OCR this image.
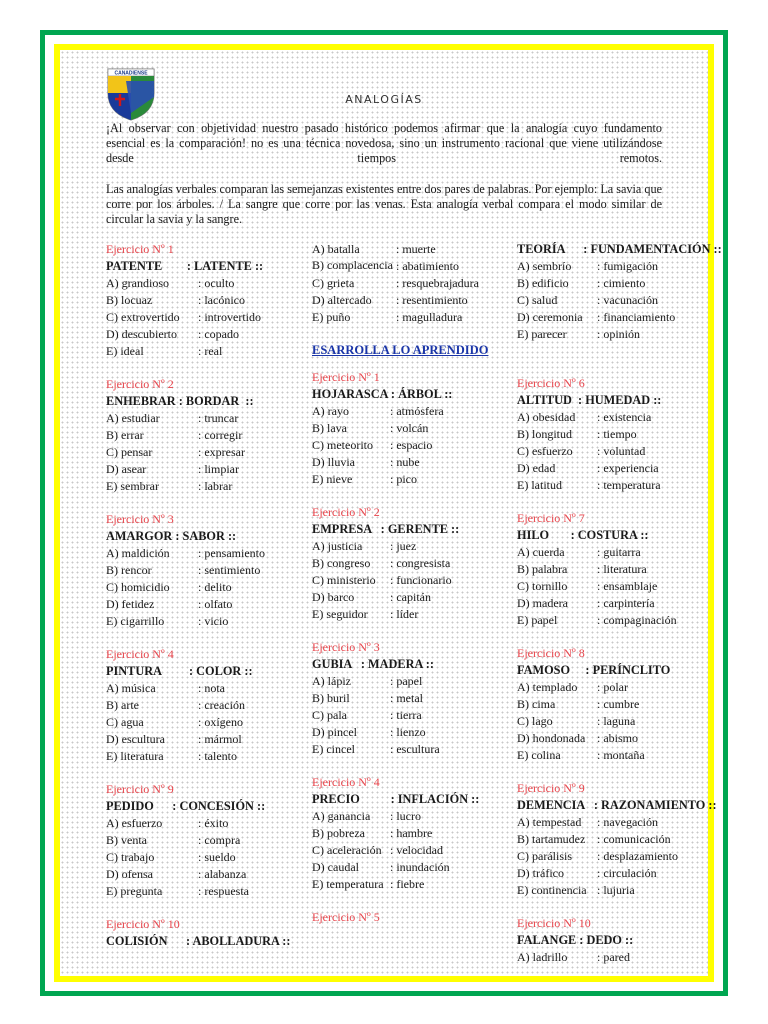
CANADIENSE
ANALOGÍAS
¡Al observar con objetividad nuestro pasado histórico podemos afirmar que la analogía cuyo fundamento
esencial es la comparación! no es una técnica novedosa, sino un instrumento racional que viene utilizándose
desde	tiempos	remotos.
Las analogías verbales comparan las semejanzas existentes entre dos pares de palabras. Por ejemplo: La savia que corre por los árboles. / La sangre que corre por las venas. Esta analogía verbal compara el modo similar de circular la savia y la sangre.
Ejercicio Nº 1
PATENTE        : LATENTE ::
A) grandioso	: oculto
B) locuaz	: lacónico
C) extrovertido	: introvertido
D) descubierto	: copado
E) ideal	: real
Ejercicio Nº 2
ENHEBRAR : BORDAR  ::
A) estudiar	: truncar
B) errar	: corregir
C) pensar	: expresar
D) asear	: limpiar
E) sembrar	: labrar
Ejercicio Nº 3
AMARGOR : SABOR ::
A) maldición	: pensamiento
B) rencor	: sentimiento
C) homicidio	: delito
D) fetidez	: olfato
E) cigarrillo	: vicio
Ejercicio Nº 4
PINTURA         : COLOR ::
A) música	: nota
B) arte	: creación
C) agua	: oxígeno
D) escultura	: mármol
E) literatura	: talento
Ejercicio Nº 9
PEDIDO      : CONCESIÓN ::
A) esfuerzo	: éxito
B) venta	: compra
C) trabajo	: sueldo
D) ofensa	: alabanza
E) pregunta	: respuesta
Ejercicio Nº 10
COLISIÓN      : ABOLLADURA ::
A) batalla	: muerte
B) complacencia : abatimiento
C) grieta	: resquebrajadura
D) altercado	: resentimiento
E) puño	: magulladura
ESARROLLA LO APRENDIDO
Ejercicio Nº 1
HOJARASCA : ÁRBOL ::
A) rayo	: atmósfera
B) lava	: volcán
C) meteorito	: espacio
D) lluvia	: nube
E) nieve	: pico
Ejercicio Nº 2
EMPRESA   : GERENTE ::
A) justicia	: juez
B) congreso	: congresista
C) ministerio	: funcionario
D) barco	: capitán
E) seguidor	: líder
Ejercicio Nº 3
GUBIA   : MADERA ::
A) lápiz	: papel
B) buril	: metal
C) pala	: tierra
D) pincel	: lienzo
E) cincel	: escultura
Ejercicio Nº 4
PRECIO          : INFLACIÓN ::
A) ganancia	: lucro
B) pobreza	: hambre
C) aceleración : velocidad
D) caudal	: inundación
E) temperatura : fiebre
Ejercicio Nº 5
TEORÍA      : FUNDAMENTACIÓN ::
A) sembrío	: fumigación
B) edificio	: cimiento
C) salud	: vacunación
D) ceremonia	: financiamiento
E) parecer	: opinión
Ejercicio Nº 6
ALTITUD  : HUMEDAD ::
A) obesidad	: existencia
B) longitud	: tiempo
C) esfuerzo	: voluntad
D) edad	: experiencia
E) latitud	: temperatura
Ejercicio Nº 7
HILO       : COSTURA ::
A) cuerda	: guitarra
B) palabra	: literatura
C) tornillo	: ensamblaje
D) madera	: carpintería
E) papel	: compaginación
Ejercicio Nº 8
FAMOSO     : PERÍNCLITO
A) templado	: polar
B) cima	: cumbre
C) lago	: laguna
D) hondonada : abismo
E) colina	: montaña
Ejercicio Nº 9
DEMENCIA   : RAZONAMIENTO ::
A) tempestad	: navegación
B) tartamudez : comunicación
C) parálisis	: desplazamiento
D) tráfico	: circulación
E) continencia : lujuria
Ejercicio Nº 10
FALANGE : DEDO ::
A) ladrillo	: pared
